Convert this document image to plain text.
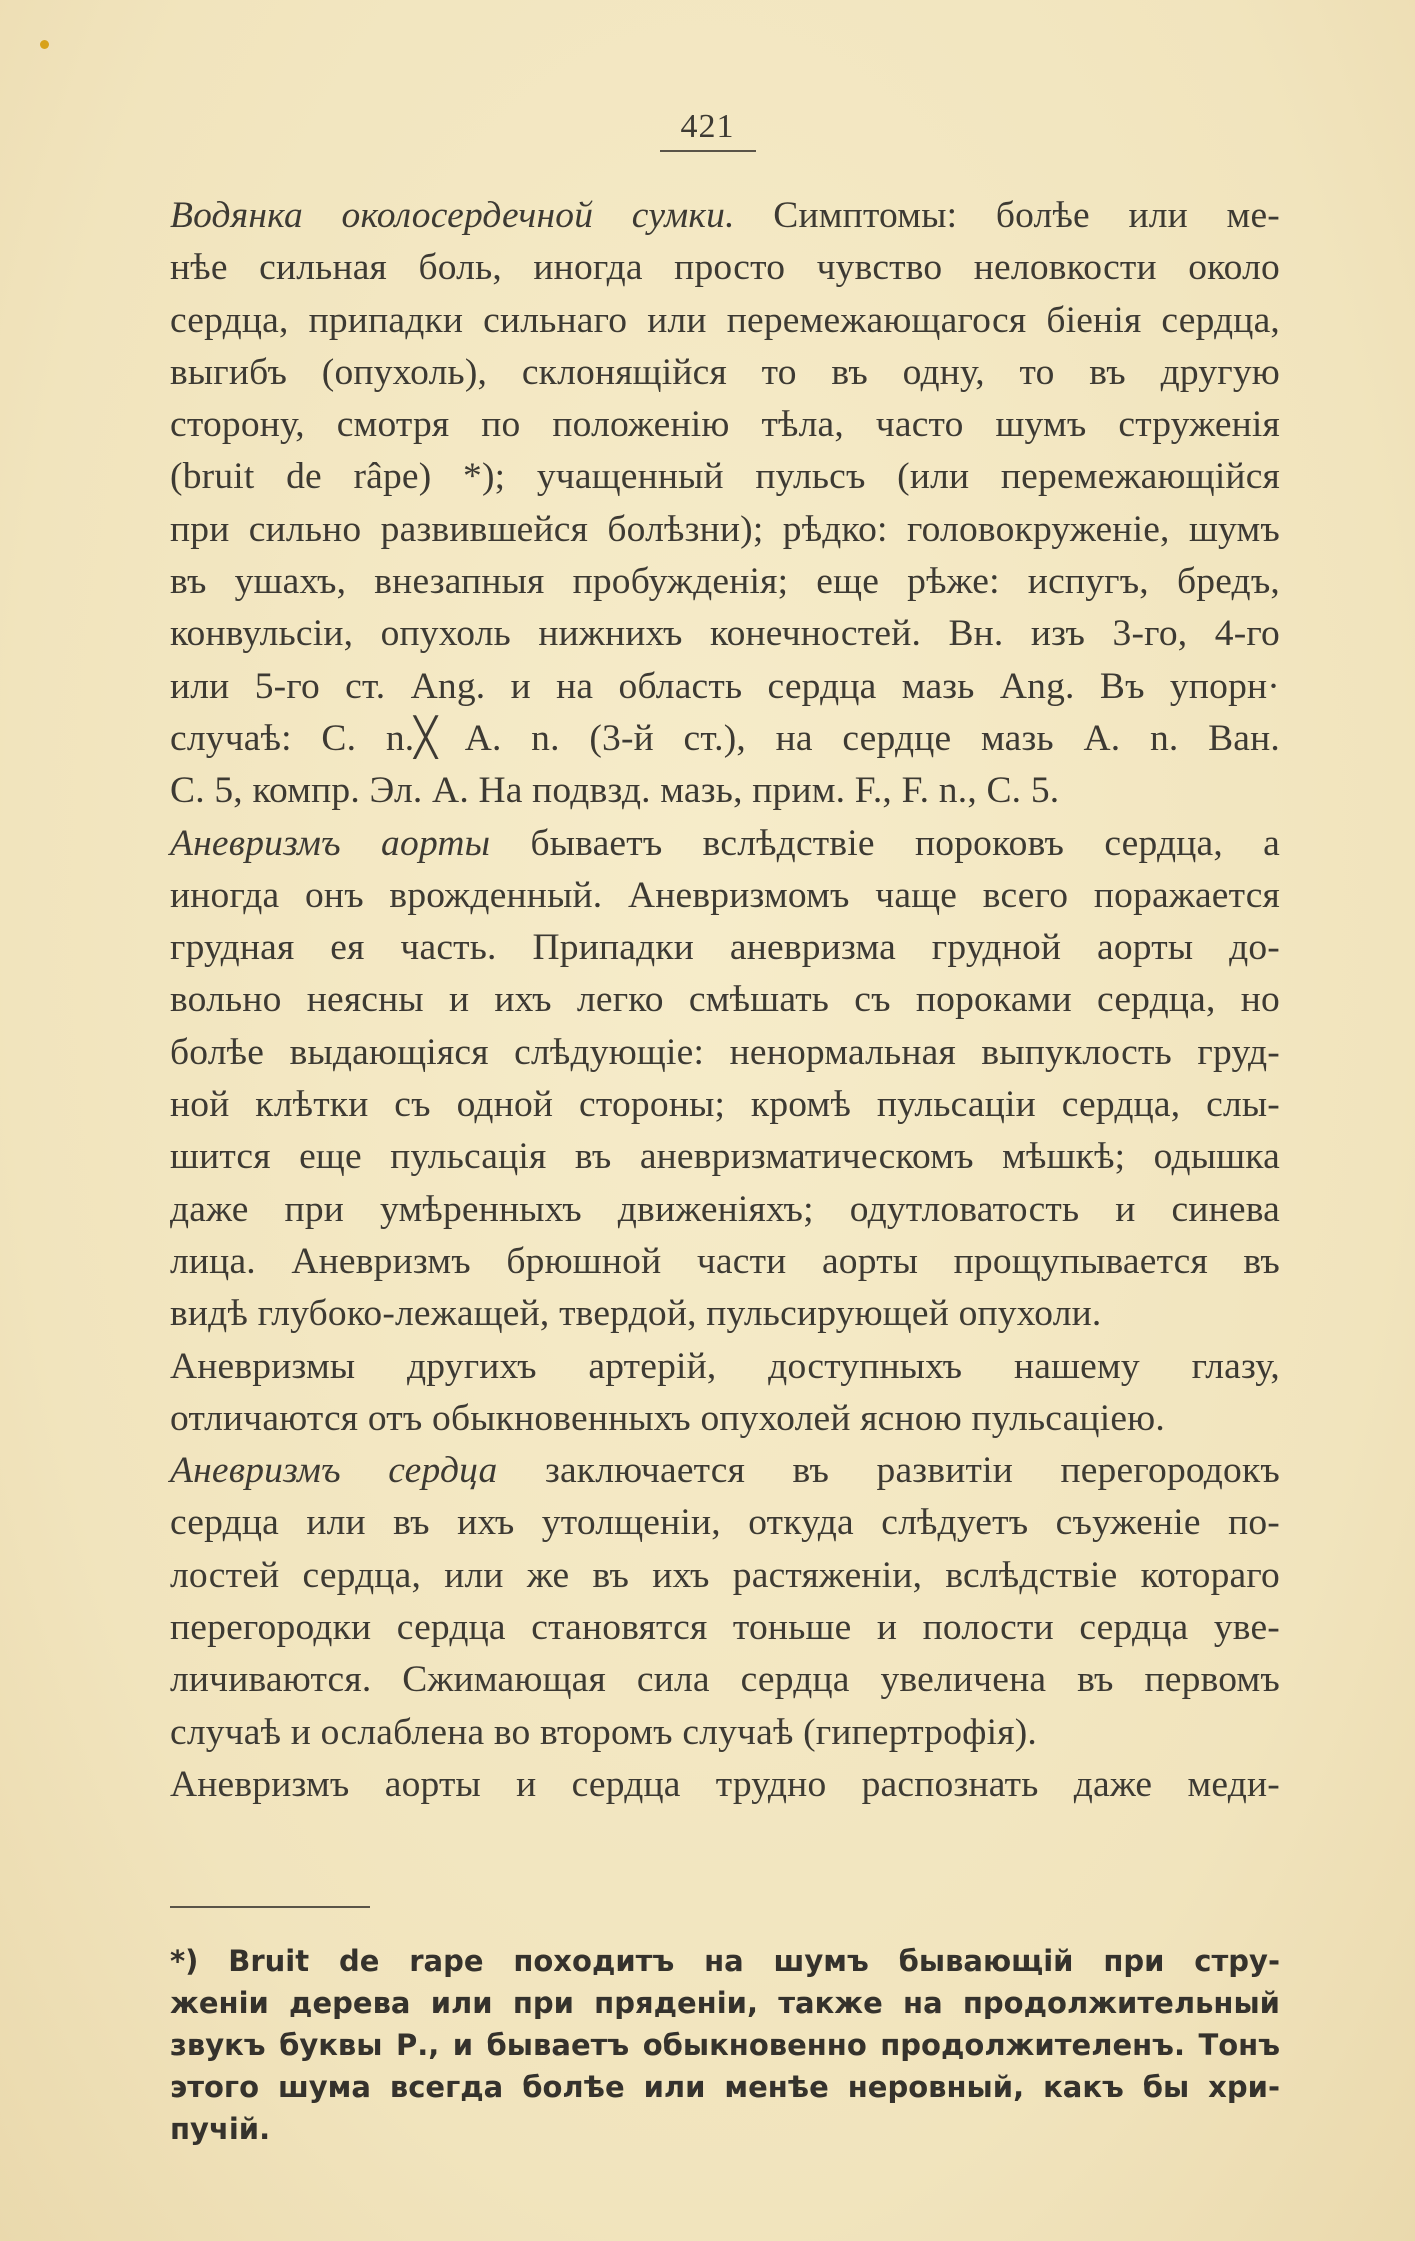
421
Водянка околосердечной сумки. Симптомы: болѣе или ме-
нѣе сильная боль, иногда просто чувство неловкости около
сердца, припадки сильнаго или перемежающагося біенія сердца,
выгибъ (опухоль), склонящійся то въ одну, то въ другую
сторону, смотря по положенію тѣла, часто шумъ струженія
(bruit de râpe) *); учащенный пульсъ (или перемежающійся
при сильно развившейся болѣзни); рѣдко: головокруженіе, шумъ
въ ушахъ, внезапныя пробужденія; еще рѣже: испугъ, бредъ,
конвульсіи, опухоль нижнихъ конечностей. Вн. изъ 3-го, 4-го
или 5-го ст. Ang. и на область сердца мазь Ang. Въ упорн·
случаѣ: C. n.╳ A. n. (3-й ст.), на сердце мазь A. n. Ван.
C. 5, компр. Эл. A. На подвзд. мазь, прим. F., F. n., C. 5.
Аневризмъ аорты бываетъ вслѣдствіе пороковъ сердца, а
иногда онъ врожденный. Аневризмомъ чаще всего поражается
грудная ея часть. Припадки аневризма грудной аорты до-
вольно неясны и ихъ легко смѣшать съ пороками сердца, но
болѣе выдающіяся слѣдующіе: ненормальная выпуклость груд-
ной клѣтки съ одной стороны; кромѣ пульсаціи сердца, слы-
шится еще пульсація въ аневризматическомъ мѣшкѣ; одышка
даже при умѣренныхъ движеніяхъ; одутловатость и синева
лица. Аневризмъ брюшной части аорты прощупывается въ
видѣ глубоко-лежащей, твердой, пульсирующей опухоли.
Аневризмы другихъ артерій, доступныхъ нашему глазу,
отличаются отъ обыкновенныхъ опухолей ясною пульсаціею.
Аневризмъ сердца заключается въ развитіи перегородокъ
сердца или въ ихъ утолщеніи, откуда слѣдуетъ съуженіе по-
лостей сердца, или же въ ихъ растяженіи, вслѣдствіе котораго
перегородки сердца становятся тоньше и полости сердца уве-
личиваются. Сжимающая сила сердца увеличена въ первомъ
случаѣ и ослаблена во второмъ случаѣ (гипертрофія).
Аневризмъ аорты и сердца трудно распознать даже меди-
*) Bruit de rape походитъ на шумъ бывающій при стру-
женіи дерева или при пряденіи, также на продолжительный
звукъ буквы Р., и бываетъ обыкновенно продолжителенъ. Тонъ
этого шума всегда болѣе или менѣе неровный, какъ бы хри-
пучій.
